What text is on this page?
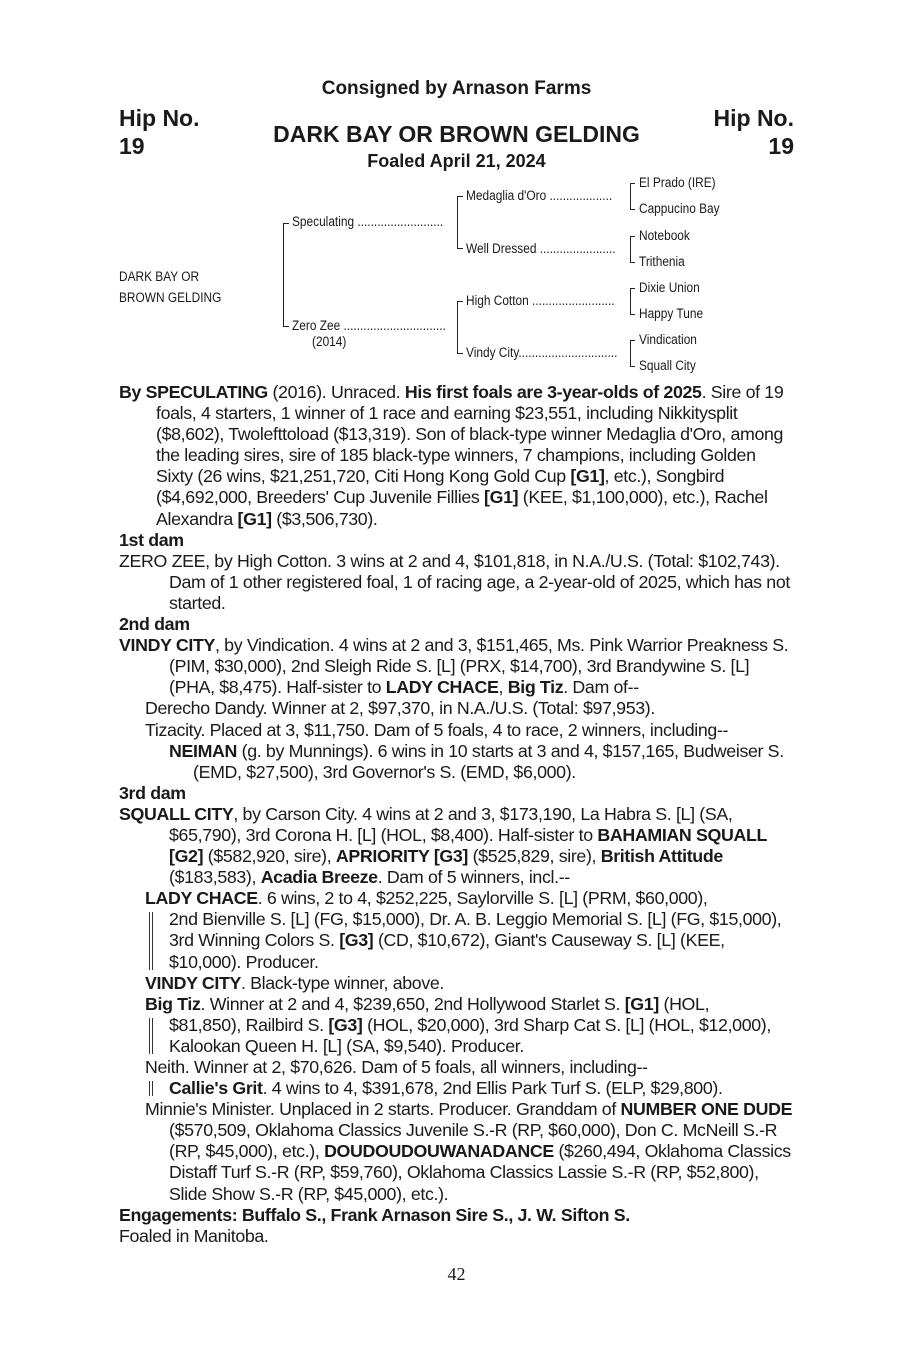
Consigned by Arnason Farms
Hip No.
19
Hip No.
19
DARK BAY OR BROWN GELDING
Foaled April 21, 2024
DARK BAY OR
BROWN GELDING
Speculating ..........................
Zero Zee ...............................
(2014)
Medaglia d'Oro ...................
Well Dressed .......................
High Cotton .........................
Vindy City..............................
El Prado (IRE)
Cappucino Bay
Notebook
Trithenia
Dixie Union
Happy Tune
Vindication
Squall City

By SPECULATING (2016). Unraced. His first foals are 3-year-olds of 2025. Sire of 19 foals, 4 starters, 1 winner of 1 race and earning $23,551, including Nikkitysplit ($8,602), Twolefttoload ($13,319). Son of black-type winner Medaglia d'Oro, among the leading sires, sire of 185 black-type winners, 7 champions, including Golden Sixty (26 wins, $21,251,720, Citi Hong Kong Gold Cup [G1], etc.), Songbird ($4,692,000, Breeders' Cup Juvenile Fillies [G1] (KEE, $1,100,000), etc.), Rachel Alexandra [G1] ($3,506,730).

1st dam

ZERO ZEE, by High Cotton. 3 wins at 2 and 4, $101,818, in N.A./U.S. (Total: $102,743). Dam of 1 other registered foal, 1 of racing age, a 2-year-old of 2025, which has not started.

2nd dam

VINDY CITY, by Vindication. 4 wins at 2 and 3, $151,465, Ms. Pink Warrior Preakness S. (PIM, $30,000), 2nd Sleigh Ride S. [L] (PRX, $14,700), 3rd Brandywine S. [L] (PHA, $8,475). Half-sister to LADY CHACE, Big Tiz. Dam of--

Derecho Dandy. Winner at 2, $97,370, in N.A./U.S. (Total: $97,953).

Tizacity. Placed at 3, $11,750. Dam of 5 foals, 4 to race, 2 winners, including--

NEIMAN (g. by Munnings). 6 wins in 10 starts at 3 and 4, $157,165, Budweiser S. (EMD, $27,500), 3rd Governor's S. (EMD, $6,000).

3rd dam

SQUALL CITY, by Carson City. 4 wins at 2 and 3, $173,190, La Habra S. [L] (SA, $65,790), 3rd Corona H. [L] (HOL, $8,400). Half-sister to BAHAMIAN SQUALL [G2] ($582,920, sire), APRIORITY [G3] ($525,829, sire), British Attitude ($183,583), Acadia Breeze. Dam of 5 winners, incl.--

LADY CHACE. 6 wins, 2 to 4, $252,225, Saylorville S. [L] (PRM, $60,000),

2nd Bienville S. [L] (FG, $15,000), Dr. A. B. Leggio Memorial S. [L] (FG, $15,000), 3rd Winning Colors S. [G3] (CD, $10,672), Giant's Causeway S. [L] (KEE, $10,000). Producer.

VINDY CITY. Black-type winner, above.

Big Tiz. Winner at 2 and 4, $239,650, 2nd Hollywood Starlet S. [G1] (HOL,

$81,850), Railbird S. [G3] (HOL, $20,000), 3rd Sharp Cat S. [L] (HOL, $12,000), Kalookan Queen H. [L] (SA, $9,540). Producer.

Neith. Winner at 2, $70,626. Dam of 5 foals, all winners, including--

Callie's Grit. 4 wins to 4, $391,678, 2nd Ellis Park Turf S. (ELP, $29,800).

Minnie's Minister. Unplaced in 2 starts. Producer. Granddam of NUMBER ONE DUDE ($570,509, Oklahoma Classics Juvenile S.-R (RP, $60,000), Don C. McNeill S.-R (RP, $45,000), etc.), DOUDOUDOUWANADANCE ($260,494, Oklahoma Classics Distaff Turf S.-R (RP, $59,760), Oklahoma Classics Lassie S.-R (RP, $52,800), Slide Show S.-R (RP, $45,000), etc.).

Engagements: Buffalo S., Frank Arnason Sire S., J. W. Sifton S.

Foaled in Manitoba.

42
